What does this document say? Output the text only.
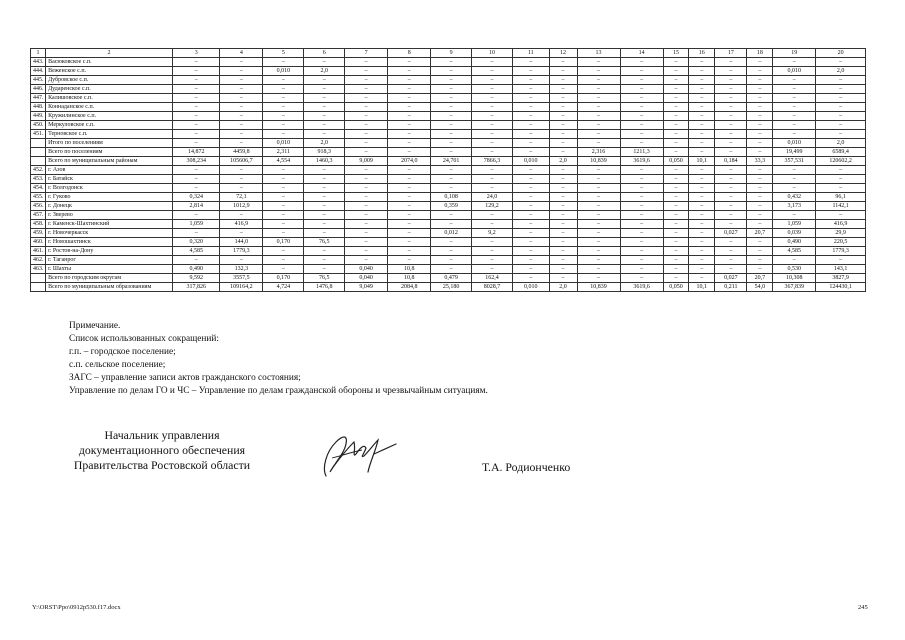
1	2	3	4	5	6	7	8	9	10	11	12	13	14	15	16	17	18	19	20
443.	Васюковское с.п.	–	–	–	–	–	–	–	–	–	–	–	–	–	–	–	–	–	–
444.	Веженское с.п.	–	–	0,010	2,0	–	–	–	–	–	–	–	–	–	–	–	–	0,010	2,0
445.	Дубровское с.п.	–	–	–	–	–	–	–	–	–	–	–	–	–	–	–	–	–	–
446.	Дударенское с.п.	–	–	–	–	–	–	–	–	–	–	–	–	–	–	–	–	–	–
447.	Калишовское с.п.	–	–	–	–	–	–	–	–	–	–	–	–	–	–	–	–	–	–
448.	Коннаданское с.п.	–	–	–	–	–	–	–	–	–	–	–	–	–	–	–	–	–	–
449.	Кружилинское с.п.	–	–	–	–	–	–	–	–	–	–	–	–	–	–	–	–	–	–
450.	Меркуловское с.п.	–	–	–	–	–	–	–	–	–	–	–	–	–	–	–	–	–	–
451.	Терновское с.п.	–	–	–	–	–	–	–	–	–	–	–	–	–	–	–	–	–	–
	Итого по поселениям	–	–	0,010	2,0	–	–	–	–	–	–	–	–	–	–	–	–	0,010	2,0
	Всего по поселениям	14,872	4459,8	2,311	918,3	–	–	–	–	–	–	2,316	1211,3	–	–	–	–	19,499	6589,4
	Всего по муниципальным районам	308,234	105606,7	4,554	1460,3	9,009	2074,0	24,701	7866,3	0,010	2,0	10,839	3619,6	0,050	10,1	0,184	33,3	357,531	120602,2
452.	г. Азов	–	–	–	–	–	–	–	–	–	–	–	–	–	–	–	–	–	–
453.	г. Батайск	–	–	–	–	–	–	–	–	–	–	–	–	–	–	–	–	–	–
454.	г. Волгодонск	–	–	–	–	–	–	–	–	–	–	–	–	–	–	–	–	–	–
455.	г. Гуково	0,324	72,1	–	–	–	–	0,108	24,0	–	–	–	–	–	–	–	–	0,432	96,1
456.	г. Донецк	2,814	1012,9	–	–	–	–	0,359	129,2	–	–	–	–	–	–	–	–	3,173	1142,1
457.	г. Зверево	–	–	–	–	–	–	–	–	–	–	–	–	–	–	–	–	–	–
458.	г. Каменск-Шахтинский	1,059	416,9	–	–	–	–	–	–	–	–	–	–	–	–	–	–	1,059	416,9
459.	г. Новочеркасск	–	–	–	–	–	–	0,012	9,2	–	–	–	–	–	–	0,027	20,7	0,039	29,9
460.	г. Новошахтинск	0,320	144,0	0,170	76,5	–	–	–	–	–	–	–	–	–	–	–	–	0,490	220,5
461.	г. Ростов-на-Дону	4,585	1779,3	–	–	–	–	–	–	–	–	–	–	–	–	–	–	4,585	1779,3
462.	г. Таганрог	–	–	–	–	–	–	–	–	–	–	–	–	–	–	–	–	–	–
463.	г. Шахты	0,490	132,3	–	–	0,040	10,8	–	–	–	–	–	–	–	–	–	–	0,530	143,1
	Всего по городским округам	9,592	3557,5	0,170	76,5	0,040	10,8	0,479	162,4	–	–	–	–	–	–	0,027	20,7	10,308	3827,9
	Всего по муниципальным образованиям	317,826	109164,2	4,724	1476,8	9,049	2084,8	25,180	8028,7	0,010	2,0	10,839	3619,6	0,050	10,1	0,211	54,0	367,839	124430,1
Примечание.
Список использованных сокращений:
г.п. – городское поселение;
с.п. сельское поселение;
ЗАГС – управление записи актов гражданского состояния;
Управление по делам ГО и ЧС – Управление по делам гражданской обороны и чрезвычайным ситуациям.
Начальник управления
документационного обеспечения
Правительства Ростовской области	Т.А. Родионченко
Y:\ORST\Ppo\0912p530.f17.docx	245
